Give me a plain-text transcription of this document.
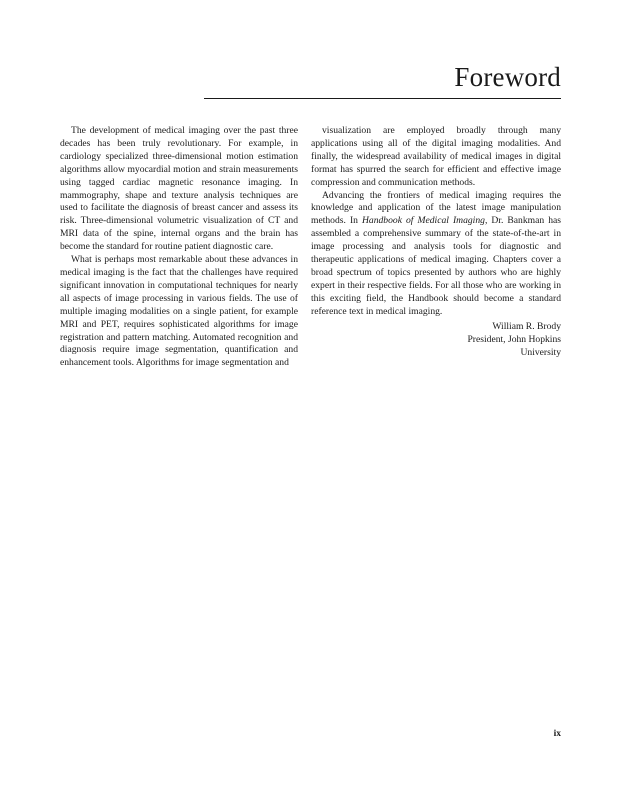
Foreword

The development of medical imaging over the past three decades has been truly revolutionary. For example, in cardiology specialized three-dimensional motion estimation algorithms allow myocardial motion and strain measurements using tagged cardiac magnetic resonance imaging. In mammography, shape and texture analysis techniques are used to facilitate the diagnosis of breast cancer and assess its risk. Three-dimensional volumetric visualization of CT and MRI data of the spine, internal organs and the brain has become the standard for routine patient diagnostic care.

What is perhaps most remarkable about these advances in medical imaging is the fact that the challenges have required significant innovation in computational techniques for nearly all aspects of image processing in various fields. The use of multiple imaging modalities on a single patient, for example MRI and PET, requires sophisticated algorithms for image registration and pattern matching. Automated recognition and diagnosis require image segmentation, quantification and enhancement tools. Algorithms for image segmentation and

visualization are employed broadly through many applications using all of the digital imaging modalities. And finally, the widespread availability of medical images in digital format has spurred the search for efficient and effective image compression and communication methods.

Advancing the frontiers of medical imaging requires the knowledge and application of the latest image manipulation methods. In Handbook of Medical Imaging, Dr. Bankman has assembled a comprehensive summary of the state-of-the-art in image processing and analysis tools for diagnostic and therapeutic applications of medical imaging. Chapters cover a broad spectrum of topics presented by authors who are highly expert in their respective fields. For all those who are working in this exciting field, the Handbook should become a standard reference text in medical imaging.

William R. Brody
President, John Hopkins
University
ix
